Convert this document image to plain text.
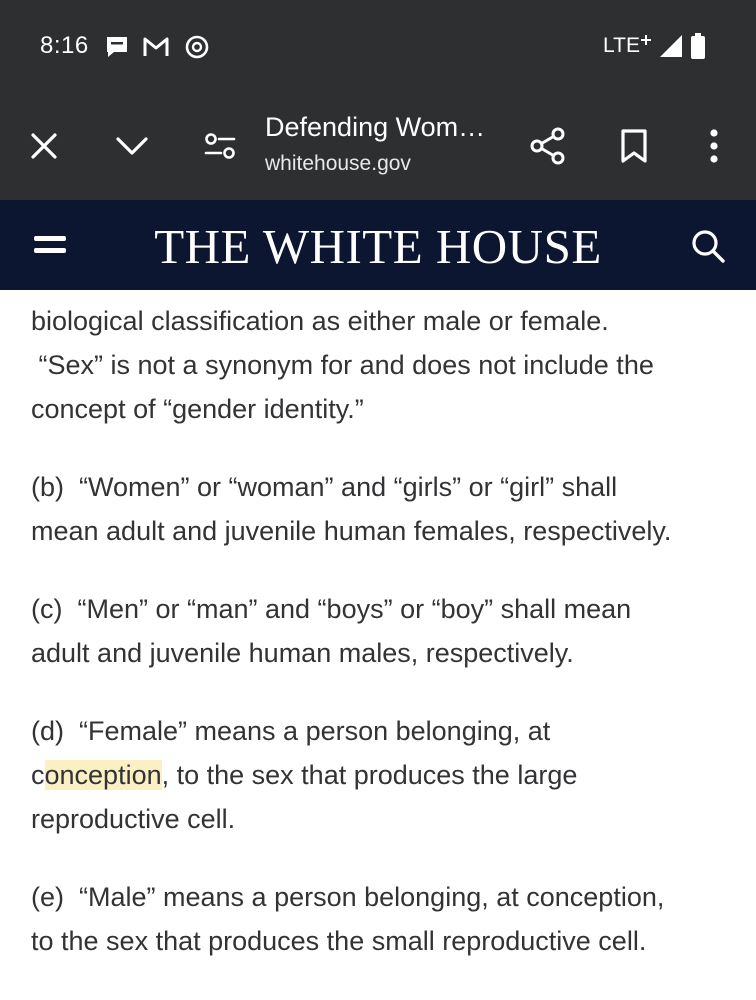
8:16	LTE
Defending Wom…
whitehouse.gov
THE WHITE HOUSE
biological classification as either male or female.
“Sex” is not a synonym for and does not include the
concept of “gender identity.”
(b)  “Women” or “woman” and “girls” or “girl” shall
mean adult and juvenile human females, respectively.
(c)  “Men” or “man” and “boys” or “boy” shall mean
adult and juvenile human males, respectively.
(d)  “Female” means a person belonging, at
conception, to the sex that produces the large
reproductive cell.
(e)  “Male” means a person belonging, at conception,
to the sex that produces the small reproductive cell.
